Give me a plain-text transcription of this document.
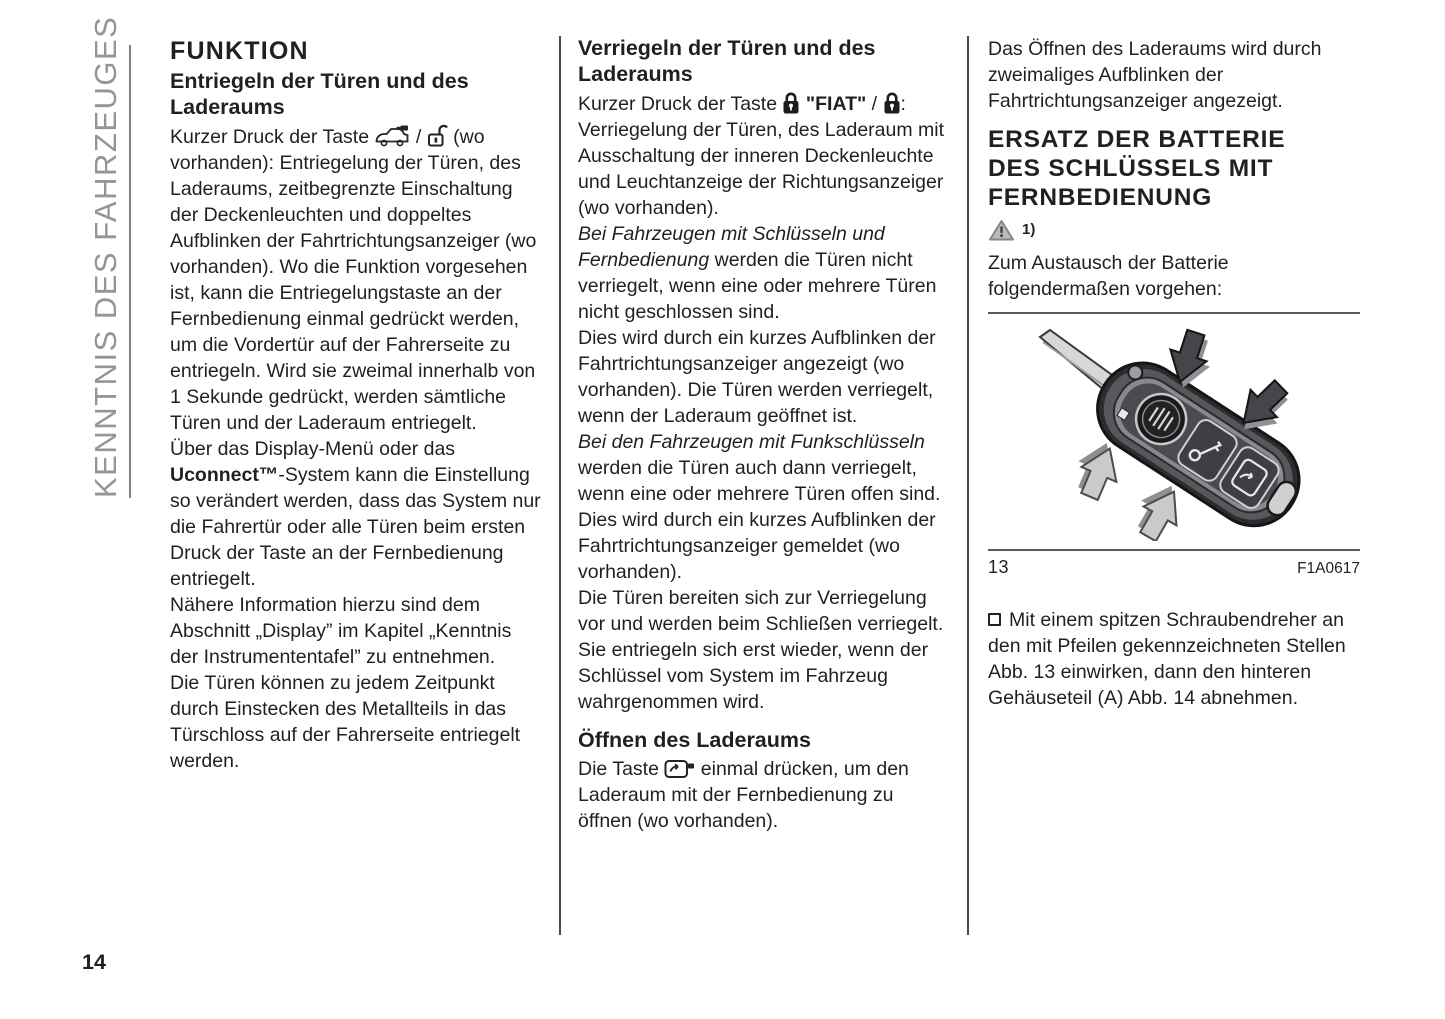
KENNTNIS DES FAHRZEUGES FUNKTION
Entriegeln der Türen und des Laderaums

Kurzer Druck der Taste  /  (wo vorhanden): Entriegelung der Türen, des Laderaums, zeitbegrenzte Einschaltung der Deckenleuchten und doppeltes Aufblinken der Fahrtrichtungsanzeiger (wo vorhanden). Wo die Funktion vorgesehen ist, kann die Entriegelungstaste an der Fernbedienung einmal gedrückt werden, um die Vordertür auf der Fahrerseite zu entriegeln. Wird sie zweimal innerhalb von 1 Sekunde gedrückt, werden sämtliche Türen und der Laderaum entriegelt.

Über das Display-Menü oder das Uconnect™-System kann die Einstellung so verändert werden, dass das System nur die Fahrertür oder alle Türen beim ersten Druck der Taste an der Fernbedienung entriegelt.

Nähere Information hierzu sind dem Abschnitt „Display” im Kapitel „Kenntnis der Instrumententafel” zu entnehmen.

Die Türen können zu jedem Zeitpunkt durch Einstecken des Metallteils in das Türschloss auf der Fahrerseite entriegelt werden.

Verriegeln der Türen und des Laderaums

Kurzer Druck der Taste  "FIAT" / : Verriegelung der Türen, des Laderaum mit Ausschaltung der inneren Deckenleuchte und Leuchtanzeige der Richtungsanzeiger (wo vorhanden).

Bei Fahrzeugen mit Schlüsseln und Fernbedienung werden die Türen nicht verriegelt, wenn eine oder mehrere Türen nicht geschlossen sind.

Dies wird durch ein kurzes Aufblinken der Fahrtrichtungsanzeiger angezeigt (wo vorhanden). Die Türen werden verriegelt, wenn der Laderaum geöffnet ist.

Bei den Fahrzeugen mit Funkschlüsseln werden die Türen auch dann verriegelt, wenn eine oder mehrere Türen offen sind. Dies wird durch ein kurzes Aufblinken der Fahrtrichtungsanzeiger gemeldet (wo vorhanden).

Die Türen bereiten sich zur Verriegelung vor und werden beim Schließen verriegelt. Sie entriegeln sich erst wieder, wenn der Schlüssel vom System im Fahrzeug wahrgenommen wird.

Öffnen des Laderaums

Die Taste  einmal drücken, um den Laderaum mit der Fernbedienung zu öffnen (wo vorhanden).

Das Öffnen des Laderaums wird durch zweimaliges Aufblinken der Fahrtrichtungsanzeiger angezeigt.

ERSATZ DER BATTERIE
DES SCHLÜSSELS MIT
FERNBEDIENUNG
1)

Zum Austausch der Batterie folgendermaßen vorgehen:

13	F1A0617

Mit einem spitzen Schraubendreher an den mit Pfeilen gekennzeichneten Stellen Abb. 13 einwirken, dann den hinteren Gehäuseteil (A) Abb. 14 abnehmen.

14
